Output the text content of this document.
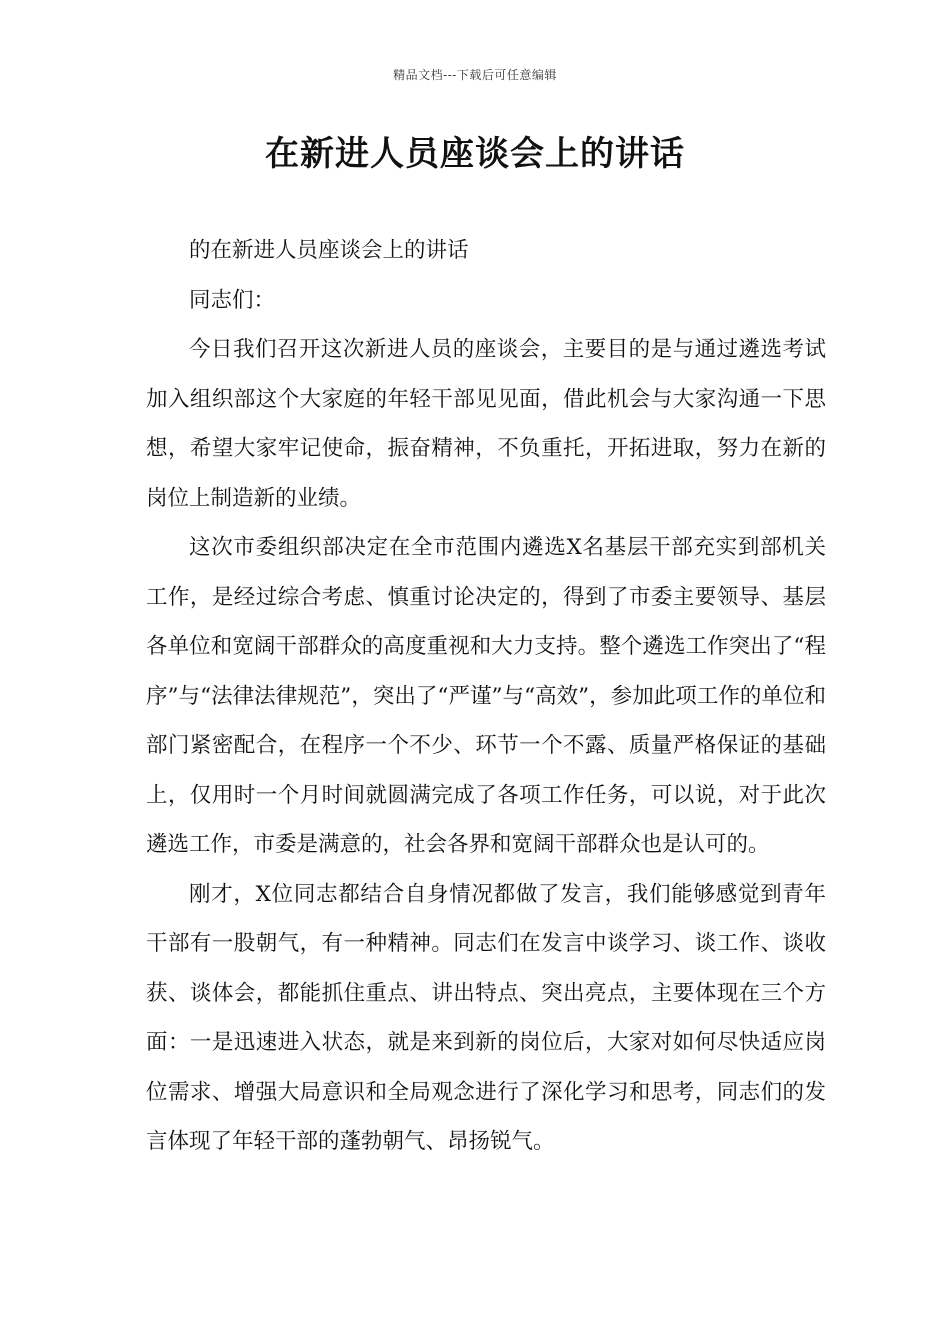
精品文档---下载后可任意编辑
在新进人员座谈会上的讲话

的在新进人员座谈会上的讲话

同志们：

今日我们召开这次新进人员的座谈会，主要目的是与通过遴选考试加入组织部这个大家庭的年轻干部见见面，借此机会与大家沟通一下思想，希望大家牢记使命，振奋精神，不负重托，开拓进取，努力在新的岗位上制造新的业绩。

这次市委组织部决定在全市范围内遴选X名基层干部充实到部机关工作，是经过综合考虑、慎重讨论决定的，得到了市委主要领导、基层各单位和宽阔干部群众的高度重视和大力支持。整个遴选工作突出了“程序”与“法律法律规范”，突出了“严谨”与“高效”，参加此项工作的单位和部门紧密配合，在程序一个不少、环节一个不露、质量严格保证的基础上，仅用时一个月时间就圆满完成了各项工作任务，可以说，对于此次遴选工作，市委是满意的，社会各界和宽阔干部群众也是认可的。

刚才，X位同志都结合自身情况都做了发言，我们能够感觉到青年干部有一股朝气，有一种精神。同志们在发言中谈学习、谈工作、谈收获、谈体会，都能抓住重点、讲出特点、突出亮点，主要体现在三个方面：一是迅速进入状态，就是来到新的岗位后，大家对如何尽快适应岗位需求、增强大局意识和全局观念进行了深化学习和思考，同志们的发言体现了年轻干部的蓬勃朝气、昂扬锐气。
